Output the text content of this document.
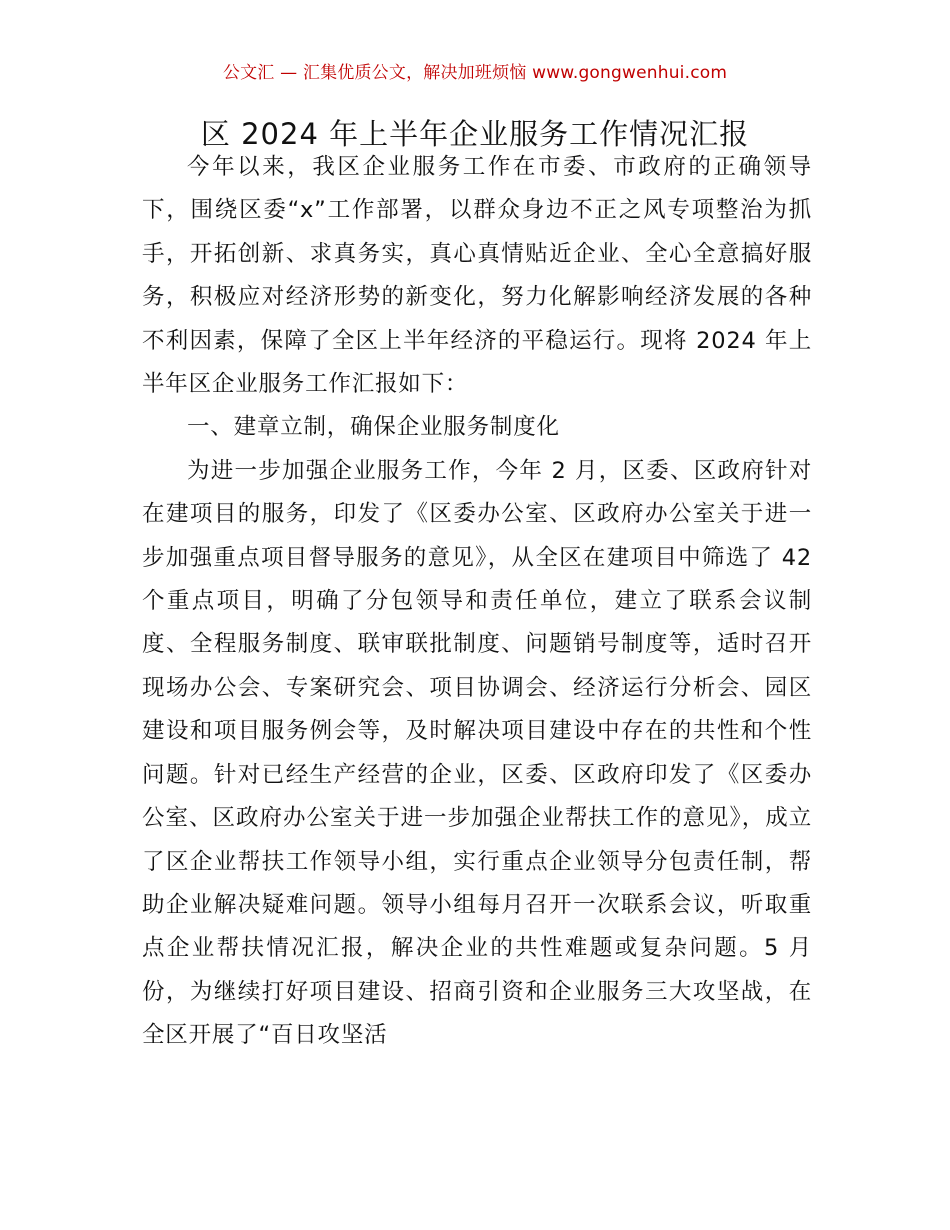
公文汇 — 汇集优质公文，解决加班烦恼 www.gongwenhui.com
区 2024 年上半年企业服务工作情况汇报

今年以来，我区企业服务工作在市委、市政府的正确领导下，围绕区委“x”工作部署，以群众身边不正之风专项整治为抓手，开拓创新、求真务实，真心真情贴近企业、全心全意搞好服务，积极应对经济形势的新变化，努力化解影响经济发展的各种不利因素，保障了全区上半年经济的平稳运行。现将 2024 年上半年区企业服务工作汇报如下：

一、建章立制，确保企业服务制度化

为进一步加强企业服务工作，今年 2 月，区委、区政府针对在建项目的服务，印发了《区委办公室、区政府办公室关于进一步加强重点项目督导服务的意见》，从全区在建项目中筛选了 42 个重点项目，明确了分包领导和责任单位，建立了联系会议制度、全程服务制度、联审联批制度、问题销号制度等，适时召开现场办公会、专案研究会、项目协调会、经济运行分析会、园区建设和项目服务例会等，及时解决项目建设中存在的共性和个性问题。针对已经生产经营的企业，区委、区政府印发了《区委办公室、区政府办公室关于进一步加强企业帮扶工作的意见》，成立了区企业帮扶工作领导小组，实行重点企业领导分包责任制，帮助企业解决疑难问题。领导小组每月召开一次联系会议，听取重点企业帮扶情况汇报，解决企业的共性难题或复杂问题。5 月份，为继续打好项目建设、招商引资和企业服务三大攻坚战，在全区开展了“百日攻坚活
